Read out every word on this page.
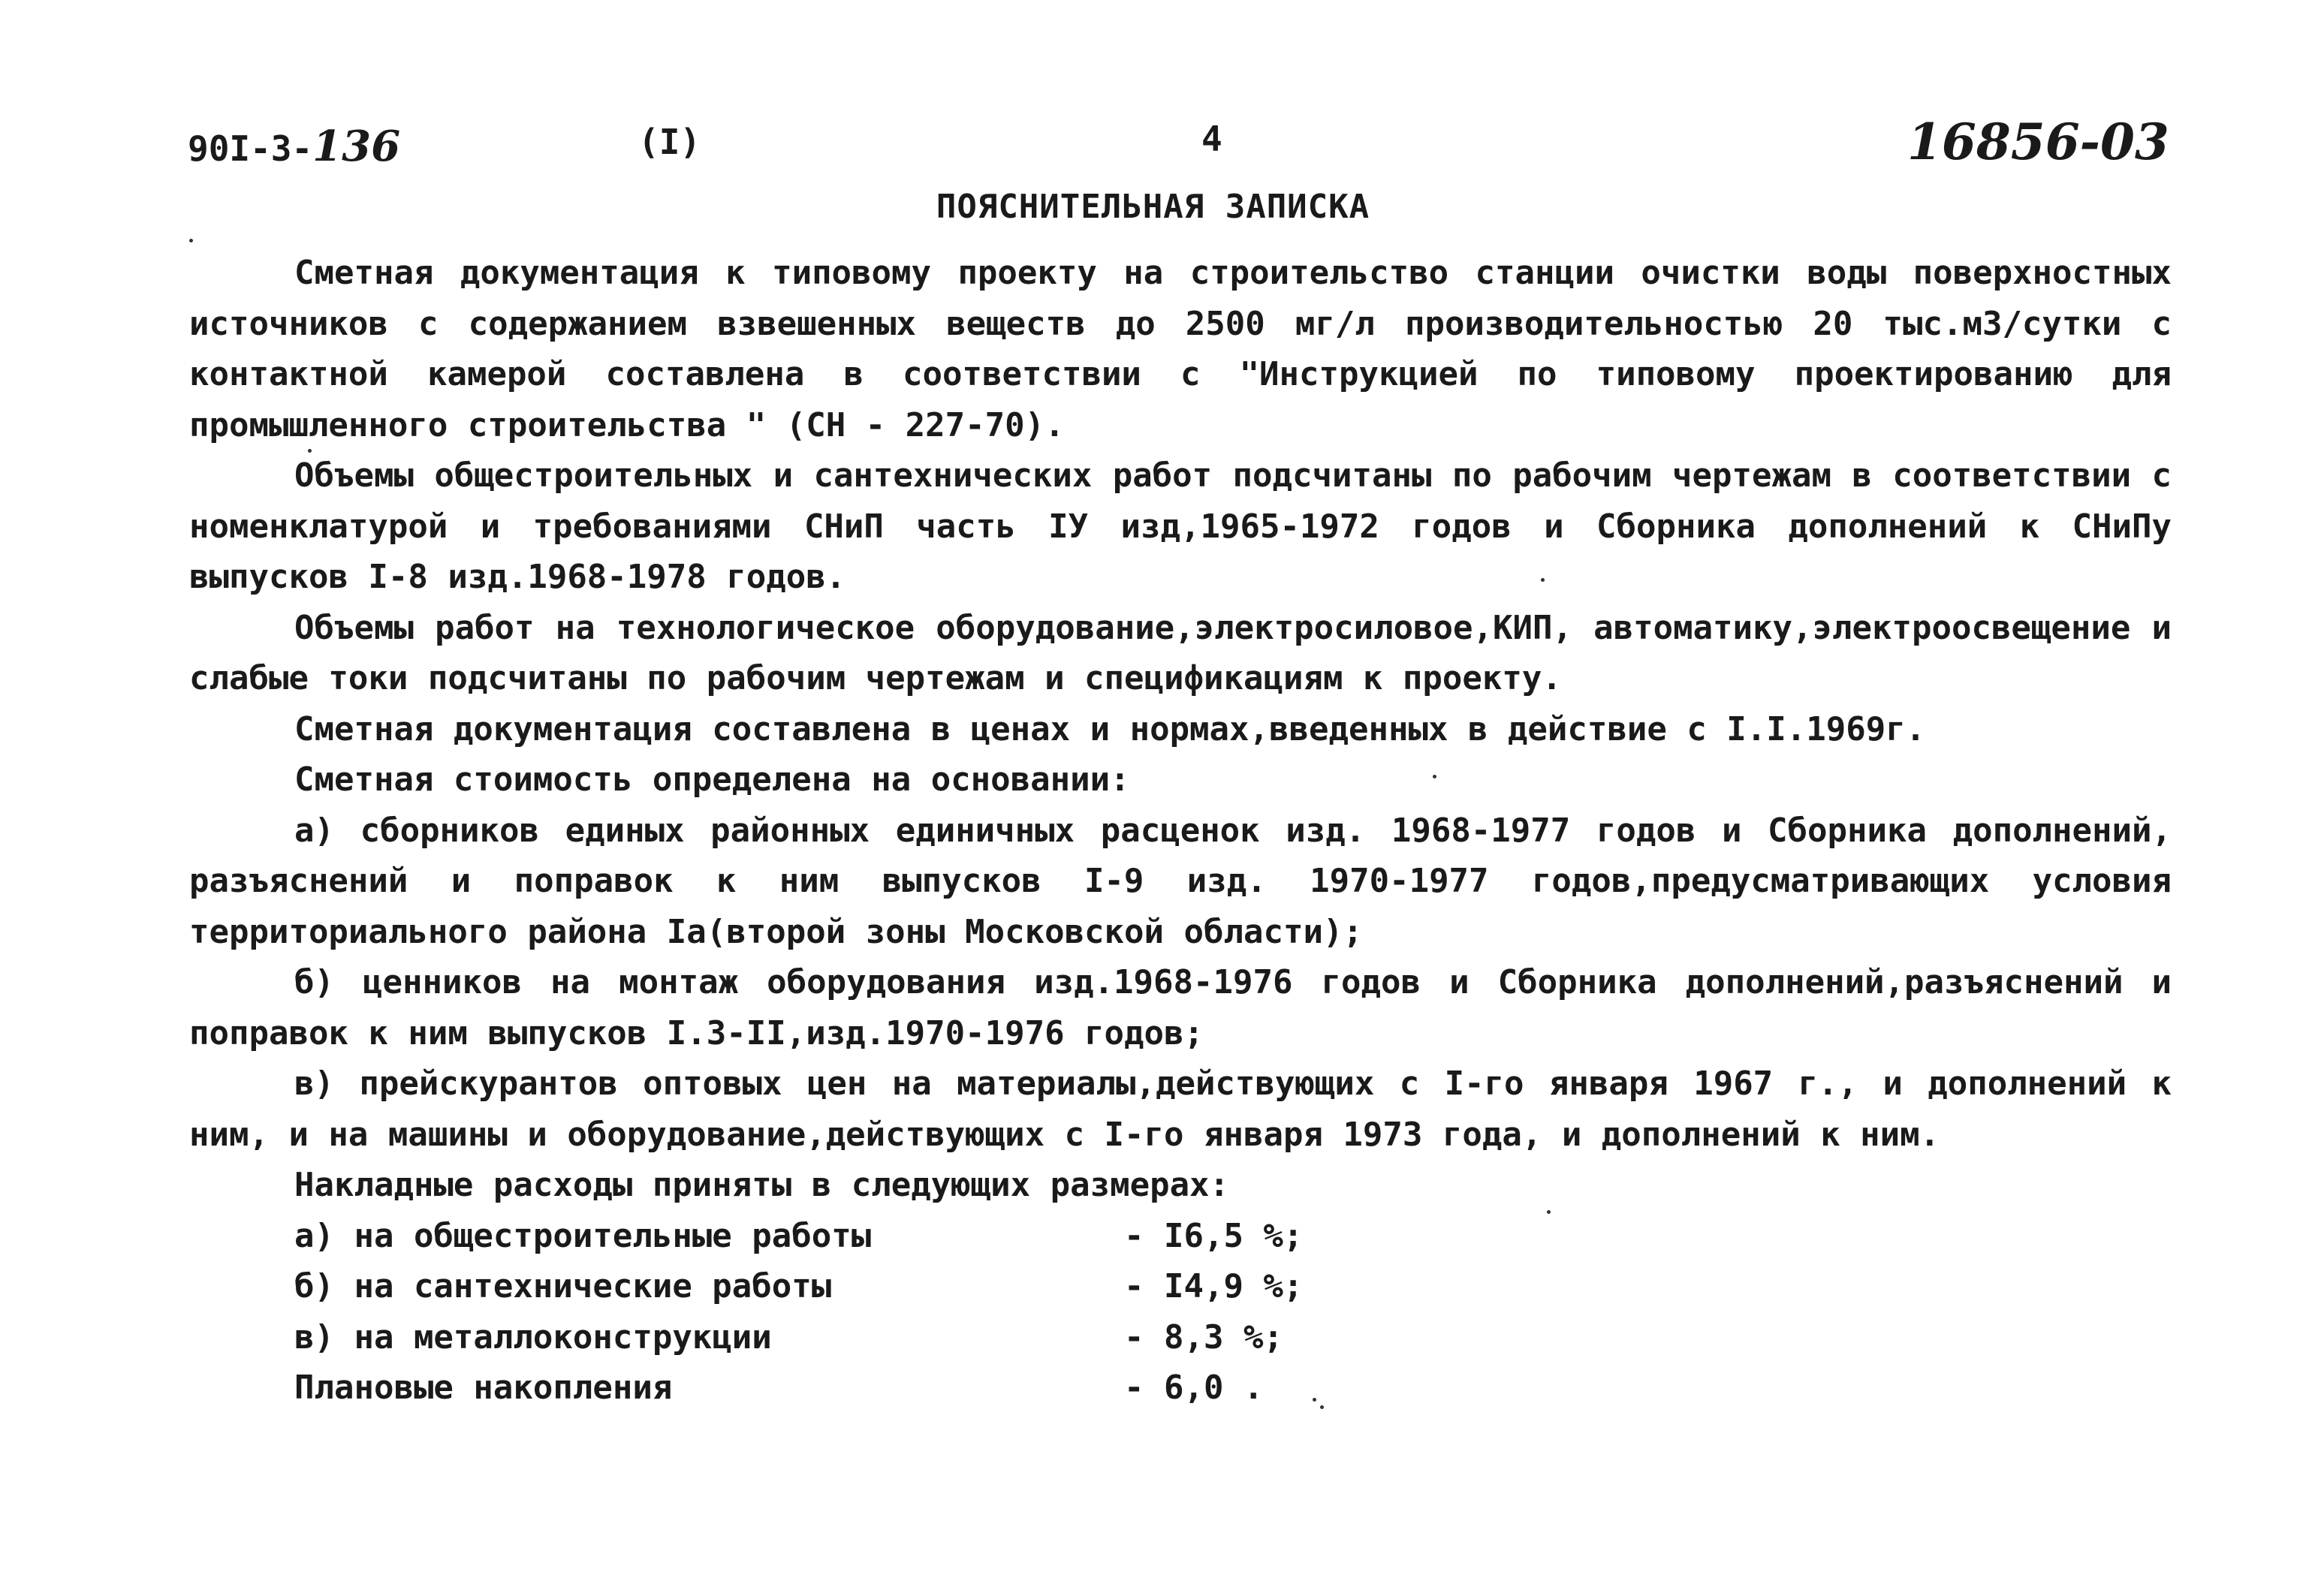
90I-3-136	(I)	4	16856-03
ПОЯСНИТЕЛЬНАЯ ЗАПИСКА

Сметная документация к типовому проекту на строительство станции очистки воды поверхностных источников с содержанием взвешенных веществ до 2500 мг/л производительностью 20 тыс.м3/сутки с контактной камерой составлена в соответствии с "Инструкцией по типовому проектированию для промышленного строительства " (СН - 227-70).

Объемы общестроительных и сантехнических работ подсчитаны по рабочим чертежам в соответствии с номенклатурой и требованиями СНиП часть IУ изд,1965-1972 годов и Сборника дополнений к СНиПу выпусков I-8 изд.1968-1978 годов.

Объемы работ на технологическое оборудование,электросиловое,КИП, автоматику,электроосвещение и слабые токи подсчитаны по рабочим чертежам и спецификациям к проекту.

Сметная документация составлена в ценах и нормах,введенных в действие с I.I.1969г.

Сметная стоимость определена на основании:

а) сборников единых районных единичных расценок изд. 1968-1977 годов и Сборника дополнений, разъяснений и поправок к ним выпусков I-9 изд. 1970-1977 годов,предусматривающих условия территориального района Iа(второй зоны Московской области);

б) ценников на монтаж оборудования изд.1968-1976 годов и Сборника дополнений,разъяснений и поправок к ним выпусков I.3-II,изд.1970-1976 годов;

в) прейскурантов оптовых цен на материалы,действующих с I-го января 1967 г., и дополнений к ним, и на машины и оборудование,действующих с I-го января 1973 года, и дополнений к ним.

Накладные расходы приняты в следующих размерах:

а) на общестроительные работы	- I6,5 %;
б) на сантехнические работы	- I4,9 %;
в) на металлоконструкции	- 8,3 %;
Плановые накопления	- 6,0 .
